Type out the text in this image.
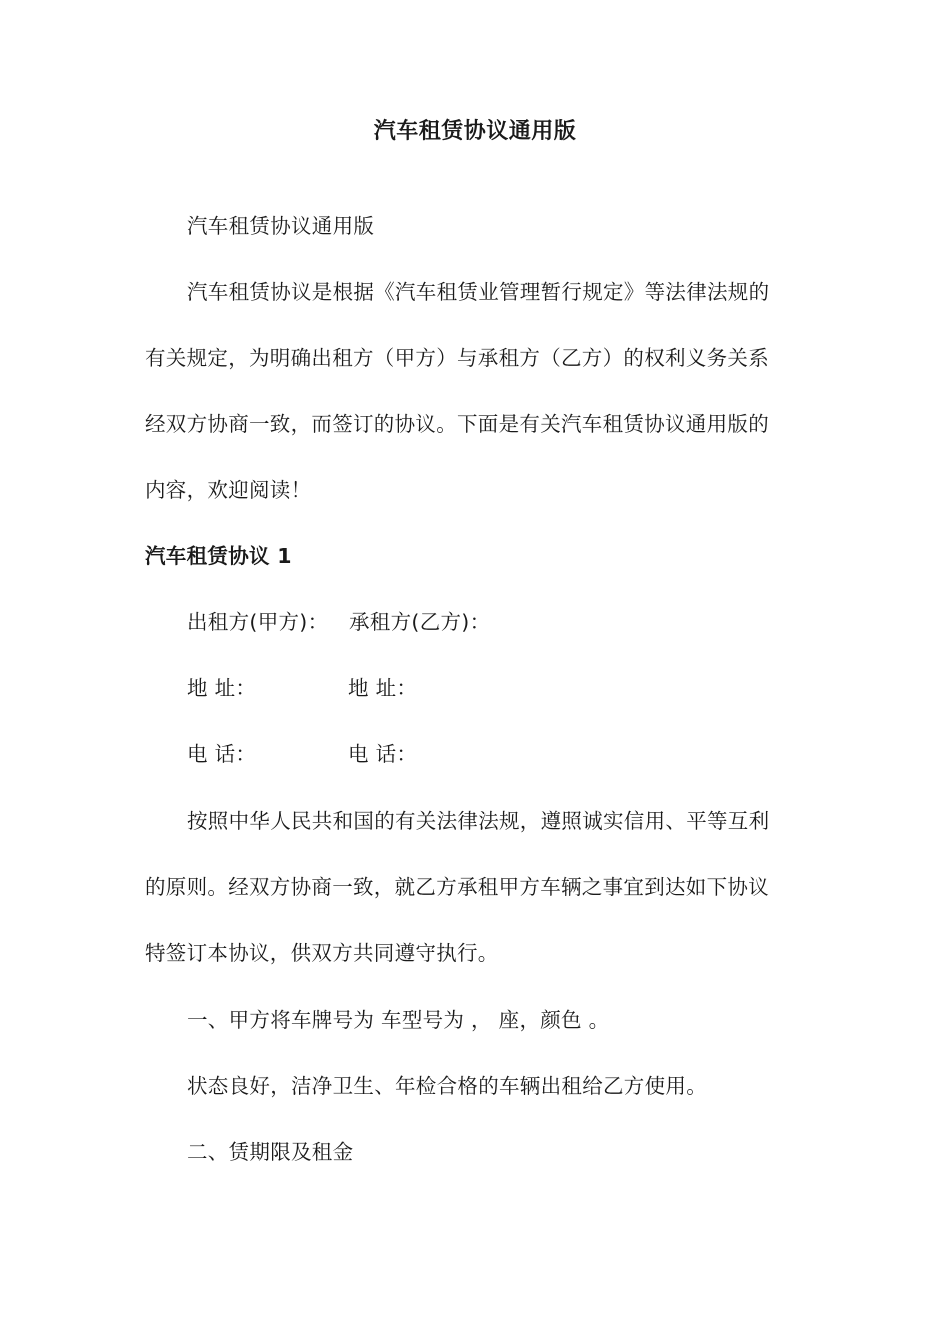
汽车租赁协议通用版
汽车租赁协议通用版
汽车租赁协议是根据《汽车租赁业管理暂行规定》等法律法规的
有关规定，为明确出租方（甲方）与承租方（乙方）的权利义务关系
经双方协商一致，而签订的协议。下面是有关汽车租赁协议通用版的
内容，欢迎阅读！
汽车租赁协议 1
出租方(甲方)： 承租方(乙方)：
地 址：	地 址：
电 话：	电 话：
按照中华人民共和国的有关法律法规，遵照诚实信用、平等互利
的原则。经双方协商一致，就乙方承租甲方车辆之事宜到达如下协议
特签订本协议，供双方共同遵守执行。
一、甲方将车牌号为 车型号为 ， 座，颜色 。
状态良好，洁净卫生、年检合格的车辆出租给乙方使用。
二、赁期限及租金
